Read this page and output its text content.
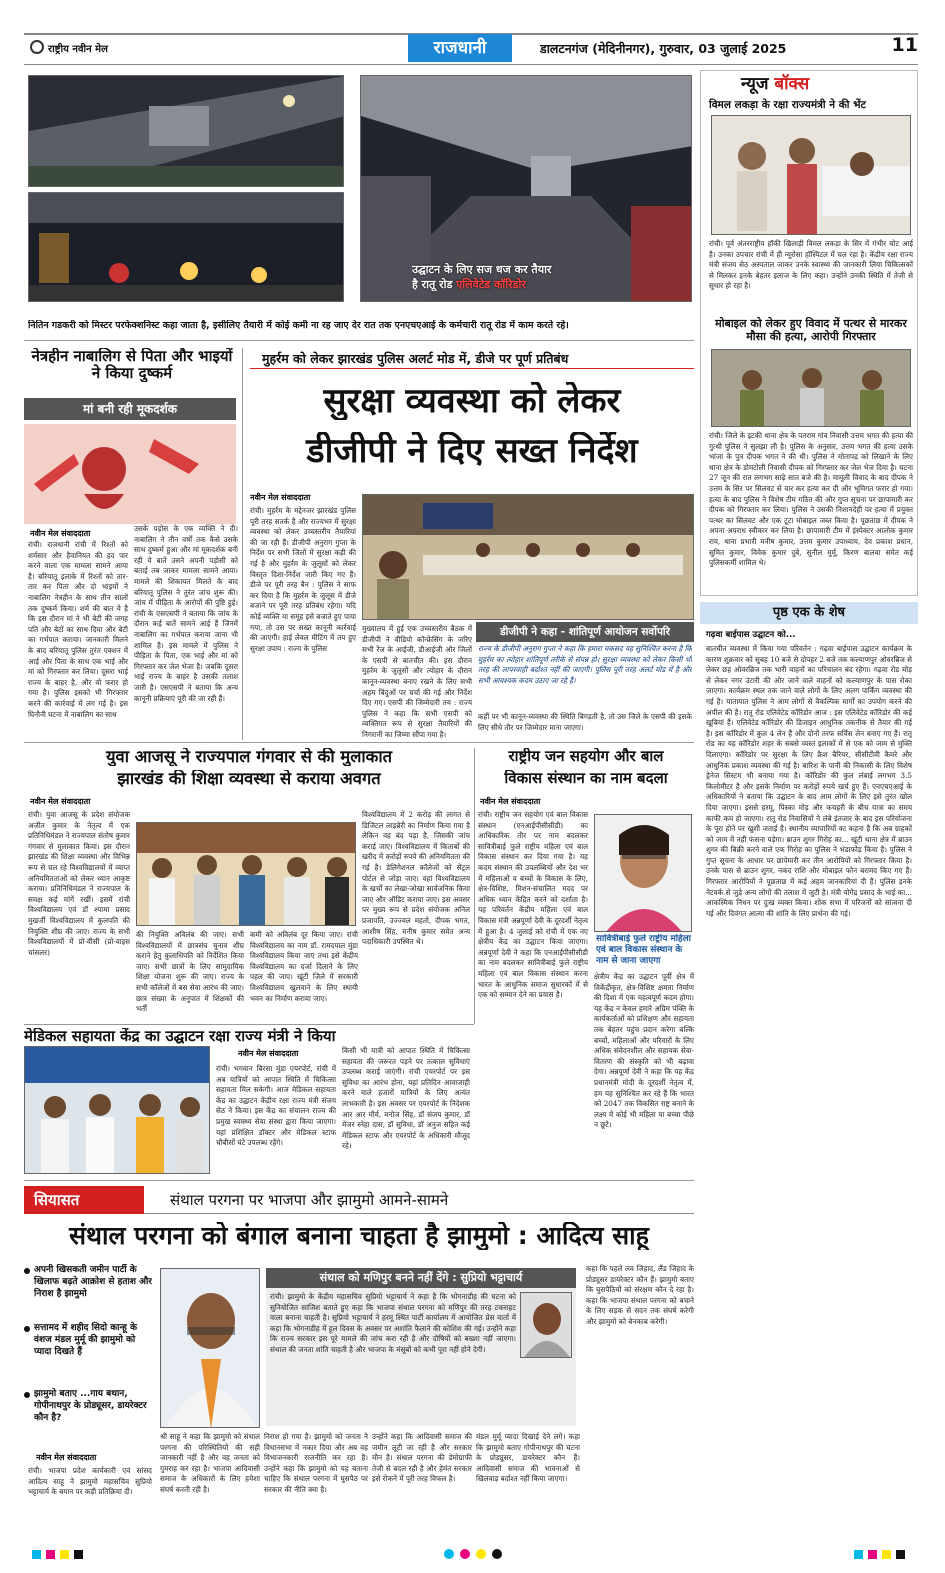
राष्ट्रीय नवीन मेल	राजधानी	डालटनगंज (मेदिनीनगर), गुरुवार, 03 जुलाई 2025	11
उद्घाटन के लिए सज धज कर तैयार
है रातू रोड एलिवेटेड कॉरिडोर
नितिन गडकरी को मिस्टर परफेक्शनिस्ट कहा जाता है, इसीलिए तैयारी में कोई कमी ना रह जाए देर रात तक एनएचएआई के कर्मचारी रातू रोड में काम करते रहे।
न्यूज बॉक्स
विमल लकड़ा के रक्षा राज्यमंत्री ने की भेंट
रांची। पूर्व अंतरराष्ट्रीय हॉकी खिलाड़ी विमल लकड़ा के सिर में गंभीर चोट आई है। उनका उपचार रांची में ही न्यूरोसा हॉस्पिटल में चल रहा है। केंद्रीय रक्षा राज्य मंत्री संजय सेठ अस्पताल जाकर उनके स्वास्थ्य की जानकारी लिया चिकित्सकों से मिलकर इनके बेहतर इलाज के लिए कहा। उन्होंने उनकी स्थिति में तेजी से सुधार हो रहा है।
मोबाइल को लेकर हुए विवाद में पत्थर से मारकर मौसा की हत्या, आरोपी गिरफ्तार
रांची। जिले के इटकी थाना क्षेत्र के पतराम गांव निवासी उत्तम भगत की हत्या की गुत्थी पुलिस ने सुलझा ली है। पुलिस के अनुसार, उत्तम भगत की हत्या उसके भांजा के पुत्र दीपक भगत ने की थी। पुलिस ने मोतापद्र को लिखाने के लिए थाना क्षेत्र के डोमटोली निवासी दीपक को गिरफ्तार कर जेल भेज दिया है। घटना 27 जून की रात लगभग साढ़े सात बजे की है। मामूली विवाद के बाद दीपक ने उत्तम के सिर पर सिलवट से वार कर हत्या कर दी और भूमिगत फरार हो गया। हत्या के बाद पुलिस ने विशेष टीम गठित की और गुप्त सूचना पर छापामारी कर दीपक को गिरफ्तार कर लिया। पुलिस ने उसकी निशानदेही पर हत्या में प्रयुक्त पत्थर का सिलवट और एक टूटा मोबाइल जब्त किया है। पूछताछ में दीपक ने अपना अपराध स्वीकार कर लिया है। छापामारी टीम में इंस्पेक्टर आलोक कुमार राय, थाना प्रभारी मनीष कुमार, उत्तम कुमार उपाध्याय, देव प्रकाश प्रधान, सुमित कुमार, विवेक कुमार दुबे, सुनील मुर्मू, किरण बालवा समेत कई पुलिसकर्मी शामिल थे।
पृष्ठ एक के शेष
गढ़वा बाईपास उद्घाटन को...
बातचीत व्यवस्था में किया गया परिवर्तन : गढ़वा बाईपास उद्घाटन कार्यक्रम के कारण शुक्रवार को सुबह 10 बजे से दोपहर 2 बजे तक कल्याणपुर ओवरब्रिज से लेकर छह ओवरब्रिज तक भारी वाहनों का परिचालन बंद रहेगा। गढ़वा रोड मोड़ से लेकर नगर उंटारी की ओर जाने वाले वाहनों को कल्याणपुर के पास रोका जाएगा। कार्यक्रम स्थल तक जाने वाले लोगों के लिए अलग पार्किंग व्यवस्था की गई है। यातायात पुलिस ने आम लोगों से वैकल्पिक मार्गों का उपयोग करने की अपील की है। रातू रोड एलिवेटेड कॉरिडोर आज : इस एलिवेटेड कॉरिडोर की कई खूबियां हैं। एलिवेटेड कॉरिडोर की डिजाइन आधुनिक तकनीक से तैयार की गई है। इस कॉरिडोर में कुल 4 लेन हैं और दोनों तरफ सर्विस लेन बनाए गए हैं। रातू रोड का यह कॉरिडोर शहर के सबसे व्यस्त इलाकों में से एक को जाम से मुक्ति दिलाएगा। कॉरिडोर पर सुरक्षा के लिए क्रैश बैरियर, सीसीटीवी कैमरे और आधुनिक प्रकाश व्यवस्था की गई है। बारिश के पानी की निकासी के लिए विशेष ड्रेनेज सिस्टम भी बनाया गया है। कॉरिडोर की कुल लंबाई लगभग 3.5 किलोमीटर है और इसके निर्माण पर करोड़ों रुपये खर्च हुए हैं। एनएचएआई के अधिकारियों ने बताया कि उद्घाटन के बाद आम लोगों के लिए इसे तुरंत खोल दिया जाएगा। इससे हरमू, पिस्का मोड़ और कचहरी के बीच यात्रा का समय काफी कम हो जाएगा। रातू रोड निवासियों ने लंबे इंतजार के बाद इस परियोजना के पूरा होने पर खुशी जताई है। स्थानीय व्यापारियों का कहना है कि अब ग्राहकों को जाम में नहीं फंसना पड़ेगा। ब्राउन शुगर गिरोह का... खूंटी थाना क्षेत्र में ब्राउन शुगर की बिक्री करने वाले एक गिरोह का पुलिस ने भंडाफोड़ किया है। पुलिस ने गुप्त सूचना के आधार पर छापेमारी कर तीन आरोपियों को गिरफ्तार किया है। उनके पास से ब्राउन शुगर, नकद राशि और मोबाइल फोन बरामद किए गए हैं। गिरफ्तार आरोपियों ने पूछताछ में कई अहम जानकारियां दी हैं। पुलिस इनके नेटवर्क से जुड़े अन्य लोगों की तलाश में जुटी है। मंत्री योगेंद्र प्रसाद के भाई का... आकस्मिक निधन पर दुःख व्यक्त किया। शोक सभा में परिजनों को सांत्वना दी गई और दिवंगत आत्मा की शांति के लिए प्रार्थना की गई।
नेत्रहीन नाबालिग से पिता और भाइयों ने किया दुष्कर्म
मां बनी रही मूकदर्शक
नवीन मेल संवाददाता
रांची। राजधानी रांची में रिश्तों को शर्मसार और हैवानियत की हद पार करने वाला एक मामला सामने आया है। बरियातू इलाके में रिश्तों को तार-तार कर पिता और दो भाइयों ने नाबालिग नेत्रहीन के साथ तीन सालों तक दुष्कर्म किया। शर्म की बात ये है कि इस दौरान मां ने भी बेटी की जगह पति और बेटों का साथ दिया और बेटी का गर्भपात कराया। जानकारी मिलने के बाद बरियातू पुलिस तुरंत एक्शन में आई और पिता के साथ एक भाई और मां को गिरफ्तार कर लिया। दूसरा भाई राज्य के बाहर है, और वो फरार हो गया है। पुलिस इसको भी गिरफ्तार करने की कार्रवाई में लग गई है। इस घिनौनी घटना में नाबालिग का साथ
उसके पड़ोस के एक व्यक्ति ने दी। नाबालिग ने तीन वर्षों तक कैसे उसके साथ दुष्कर्म हुआ और मां मूकदर्शक बनी रही ये बातें उसने अपनी पड़ोसी को बताई तब जाकर मामला सामने आया। मामले की शिकायत मिलते के बाद बरियातू पुलिस ने तुरंत जांच शुरू की। जांच में पीड़िता के आरोपों की पुष्टि हुई। रांची के एसएसपी ने बताया कि जांच के दौरान कई बातें सामने आई हैं जिनमें नाबालिग का गर्भपात कराया जाना भी शामिल है। इस मामले में पुलिस ने पीड़िता के पिता, एक भाई और मां को गिरफ्तार कर जेल भेजा है। जबकि दूसरा भाई राज्य के बाहर है उसकी तलाश जारी है। एसएसपी ने बताया कि अन्य कानूनी प्रक्रियाएं पूरी की जा रही हैं।
मुहर्रम को लेकर झारखंड पुलिस अलर्ट मोड में, डीजे पर पूर्ण प्रतिबंध
सुरक्षा व्यवस्था को लेकर
डीजीपी ने दिए सख्त निर्देश
नवीन मेल संवाददाता
रांची। मुहर्रम के मद्देनजर झारखंड पुलिस पूरी तरह सतर्क है और राज्यभर में सुरक्षा व्यवस्था को लेकर उच्चस्तरीय तैयारियां की जा रही हैं। डीजीपी अनुराग गुप्ता के निर्देश पर सभी जिलों में सुरक्षा कड़ी की गई है और मुहर्रम के जुलूसों को लेकर विस्तृत दिशा-निर्देश जारी किए गए हैं। डीजे पर पूरी तरह बैन : पुलिस ने साफ कर दिया है कि मुहर्रम के जुलूस में डीजे बजाने पर पूरी तरह प्रतिबंध रहेगा। यदि कोई व्यक्ति या समूह इसे बजाते हुए पाया गया, तो उस पर सख्त कानूनी कार्रवाई की जाएगी। हाई लेवल मीटिंग में तय हुए सुरक्षा उपाय : राज्य के पुलिस
डीजीपी ने कहा - शांतिपूर्ण आयोजन सर्वोपरि
मुख्यालय में हुई एक उच्चस्तरीय बैठक में डीजीपी ने वीडियो कॉन्फ्रेंसिंग के जरिए सभी रेंज के आईजी, डीआईजी और जिलों के एसपी से बातचीत की। इस दौरान मुहर्रम के जुलूसों और त्योहार के दौरान कानून-व्यवस्था बनाए रखने के लिए सभी अहम बिंदुओं पर चर्चा की गई और निर्देश दिए गए। एसपी की जिम्मेदारी तय : राज्य पुलिस ने कहा कि सभी एसपी को व्यक्तिगत रूप से सुरक्षा तैयारियों की निगरानी का जिम्मा सौंपा गया है।
राज्य के डीजीपी अनुराग गुप्ता ने कहा कि हमारा मकसद यह सुनिश्चित करना है कि मुहर्रम का त्योहार शांतिपूर्ण तरीके से संपन्न हो। सुरक्षा व्यवस्था को लेकर किसी भी तरह की लापरवाही बर्दाश्त नहीं की जाएगी। पुलिस पूरी तरह अलर्ट मोड में है और सभी आवश्यक कदम उठाए जा रहे हैं।
कहीं पर भी कानून-व्यवस्था की स्थिति बिगड़ती है, तो उस जिले के एसपी की इसके लिए सीधे तौर पर जिम्मेदार माना जाएगा।
युवा आजसू ने राज्यपाल गंगवार से की मुलाकात
झारखंड की शिक्षा व्यवस्था से कराया अवगत
नवीन मेल संवाददाता
रांची। युवा आजसू के प्रदेश संयोजक अजीत कुमार के नेतृत्व में एक प्रतिनिधिमंडल ने राज्यपाल संतोष कुमार गंगवार से मुलाकात किया। इस दौरान झारखंड की शिक्षा व्यवस्था और विभिन्न रूप से चल रहे विश्वविद्यालयों में व्याप्त अनियमितताओं को लेकर ध्यान आकृष्ट कराया। प्रतिनिधिमंडल ने राज्यपाल के समक्ष कई मांगें रखीं। इसमें रांची विश्वविद्यालय एवं डॉ श्यामा प्रसाद मुखर्जी विश्वविद्यालय में कुलपति की नियुक्ति शीघ्र की जाए। राज्य के सभी विश्वविद्यालयों में प्रो-वीसी (प्रो-वाइस चांसलर)
की नियुक्ति अविलंब की जाए। सभी विश्वविद्यालयों में छात्रसंघ चुनाव शीघ्र कराने हेतु कुलाधिपति को निर्देशित किया जाए। सभी छात्रों के लिए सामुदायिक शिक्षा योजना शुरू की जाए। राज्य के सभी कॉलेजों में बस सेवा आरंभ की जाए। छात्र संख्या के अनुपात में शिक्षकों की भर्ती
कमी को अविलंब दूर किया जाए। रांची विश्वविद्यालय का नाम डॉ. रामदयाल मुंडा विश्वविद्यालय किया जाए तथा इसे केंद्रीय विश्वविद्यालय का दर्जा दिलाने के लिए पहल की जाए। खूंटी जिले में सरकारी विश्वविद्यालय खुलवाने के लिए स्थायी भवन का निर्माण कराया जाए।
विश्वविद्यालय में 2 करोड़ की लागत से डिजिटल लाइब्रेरी का निर्माण किया गया है लेकिन वह बंद पड़ा है, जिसकी जांच कराई जाए। विश्वविद्यालय में किताबों की खरीद में करोड़ों रुपये की अनियमितता की गई है। डेलिगेशनल कॉलेजों को सेंट्रल पोर्टल से जोड़ा जाए। वहां विश्वविद्यालय के खर्चों का लेखा-जोखा सार्वजनिक किया जाए और ऑडिट कराया जाए। इस अवसर पर मुख्य रूप से प्रदेश संयोजक अनिल प्रजापति, उज्ज्वल महतो, दीपक भगत, आशीष सिंह, मनीष कुमार समेत अन्य पदाधिकारी उपस्थित थे।
राष्ट्रीय जन सहयोग और बाल
विकास संस्थान का नाम बदला
नवीन मेल संवाददाता
रांची। राष्ट्रीय जन सहयोग एवं बाल विकास संस्थान (एनआईपीसीसीडी) का आधिकारिक तौर पर नाम बदलकर सावित्रीबाई फुले राष्ट्रीय महिला एवं बाल विकास संस्थान कर दिया गया है। यह कदम संस्थान की उपलब्धियों और देश भर में महिलाओं व बच्चों के विकास के लिए, क्षेत्र-विशिष्ट, मिशन-संचालित मदद पर अधिक ध्यान केंद्रित करने को दर्शाता है। यह परिवर्तन केंद्रीय महिला एवं बाल विकास मंत्री अन्नपूर्णा देवी के दूरदर्शी नेतृत्व में हुआ है। 4 जुलाई को रांची में एक नए क्षेत्रीय केंद्र का उद्घाटन किया जाएगा। अन्नपूर्णा देवी ने कहा कि एनआईपीसीसीडी का नाम बदलकर सावित्रीबाई फुले राष्ट्रीय महिला एवं बाल विकास संस्थान करना भारत के आधुनिक समाज सुधारकों में से एक को सम्मान देने का प्रयास है।
सावित्रीबाई फुले राष्ट्रीय महिला एवं बाल विकास संस्थान के नाम से जाना जाएगा
क्षेत्रीय केंद्र का उद्घाटन पूर्वी क्षेत्र में विकेंद्रीकृत, क्षेत्र-विशिष्ट क्षमता निर्माण की दिशा में एक महत्वपूर्ण कदम होगा। यह केंद्र न केवल हमारे अग्रिम पंक्ति के कार्यकर्ताओं को प्रशिक्षण और सहायता तक बेहतर पहुंच प्रदान करेगा बल्कि बच्चों, महिलाओं और परिवारों के लिए अधिक संवेदनशील और सहायक सेवा-वितरण की संस्कृति को भी बढ़ावा देगा। अन्नपूर्णा देवी ने कहा कि यह केंद्र प्रधानमंत्री मोदी के दूरदर्शी नेतृत्व में, हम यह सुनिश्चित कर रहे हैं कि भारत को 2047 तक विकसित राष्ट्र बनाने के लक्ष्य में कोई भी महिला या बच्चा पीछे न छूटे।
मेडिकल सहायता केंद्र का उद्घाटन रक्षा राज्य मंत्री ने किया
नवीन मेल संवाददाता
रांची। भगवान बिरसा मुंडा एयरपोर्ट, रांची में अब यात्रियों को आपात स्थिति में चिकित्सा सहायता मिल सकेगी। आज मेडिकल सहायता केंद्र का उद्घाटन केंद्रीय रक्षा राज्य मंत्री संजय सेठ ने किया। इस केंद्र का संचालन राज्य की प्रमुख स्वास्थ्य सेवा संस्था द्वारा किया जाएगा। यहां प्रशिक्षित डॉक्टर और मेडिकल स्टाफ चौबीसों घंटे उपलब्ध रहेंगे।
किसी भी यात्री को आपात स्थिति में चिकित्सा सहायता की जरूरत पड़ने पर तत्काल सुविधाएं उपलब्ध कराई जाएंगी। रांची एयरपोर्ट पर इस सुविधा का आरंभ होना, यहां प्रतिदिन आवाजाही करने वाले हजारों यात्रियों के लिए अत्यंत लाभकारी है। इस अवसर पर एयरपोर्ट के निदेशक आर आर मौर्य, मनोज सिंह, डॉ संजय कुमार, डॉ मेजर स्नेहा दास, डॉ सुविधा, डॉ अनुज सहित कई मेडिकल स्टाफ और एयरपोर्ट के अधिकारी मौजूद रहे।
सियासत	संथाल परगना पर भाजपा और झामुमो आमने-सामने
संथाल परगना को बंगाल बनाना चाहता है झामुमो : आदित्य साहू
अपनी खिसकती जमीन पार्टी के खिलाफ बढ़ते आक्रोश से हताश और निराश है झामुमो
सत्तामद में शहीद सिदो कान्हू के वंशज मंडल मुर्मू की झामुमो को प्यादा दिखते हैं
झामुमो बताए ...गाय बथान, गोपीनाथपुर के प्रोड्यूसर, डायरेक्टर कौन है?
नवीन मेल संवाददाता
रांची। भाजपा प्रदेश कार्यकारी एवं सांसद आदित्य साहू ने झामुमो महासचिव सुप्रियो भट्टाचार्य के बयान पर कड़ी प्रतिक्रिया दी।
संथाल को मणिपुर बनने नहीं देंगे : सुप्रियो भट्टाचार्य
रांची। झामुमो के केंद्रीय महासचिव सुप्रियो भट्टाचार्य ने कहा है कि भोगनाडीह की घटना को सुनियोजित साजिश बताते हुए कहा कि भाजपा संथाल परगना को मणिपुर की तरह टकराहट वाला बनाना चाहती है। सुप्रियो भट्टाचार्य ने हरमू स्थित पार्टी कार्यालय में आयोजित प्रेस वार्ता में कहा कि भोगनाडीह में हूल दिवस के अवसर पर अशांति फैलाने की कोशिश की गई। उन्होंने कहा कि राज्य सरकार इस पूरे मामले की जांच करा रही है और दोषियों को बख्शा नहीं जाएगा। संथाल की जनता शांति चाहती है और भाजपा के मंसूबों को कभी पूरा नहीं होने देगी।
श्री साहू ने कहा कि झामुमो को संथाल परगना की परिस्थितियों की सही जानकारी नहीं है और वह जनता को गुमराह कर रहा है। भाजपा आदिवासी समाज के अधिकारों के लिए हमेशा संघर्ष करती रही है।
निराश हो गया है। झामुमो को जनता ने विधानसभा में नकार दिया और अब वह विभाजनकारी राजनीति कर रहा है। उन्होंने कहा कि झामुमो को यह बताना चाहिए कि संथाल परगना में घुसपैठ पर सरकार की नीति क्या है।
उन्होंने कहा कि आदिवासी समाज की जमीन लूटी जा रही है और सरकार मौन है। संथाल परगना की डेमोग्राफी तेजी से बदल रही है और हेमंत सरकार इसे रोकने में पूरी तरह विफल है।
मंडल मुर्मू प्यादा दिखाई देने लगे। कहा कि झामुमो बताए गोपीनाथपुर की घटना के प्रोड्यूसर, डायरेक्टर कौन हैं। आदिवासी समाज की भावनाओं से खिलवाड़ बर्दाश्त नहीं किया जाएगा।
कहा कि पहले लव जिहाद, लैंड जिहाद के प्रोड्यूसर डायरेक्टर कौन हैं। झामुमो बताए कि घुसपैठियों को संरक्षण कौन दे रहा है। कहा कि भाजपा संथाल परगना को बचाने के लिए सड़क से सदन तक संघर्ष करेगी और झामुमो को बेनकाब करेगी।
